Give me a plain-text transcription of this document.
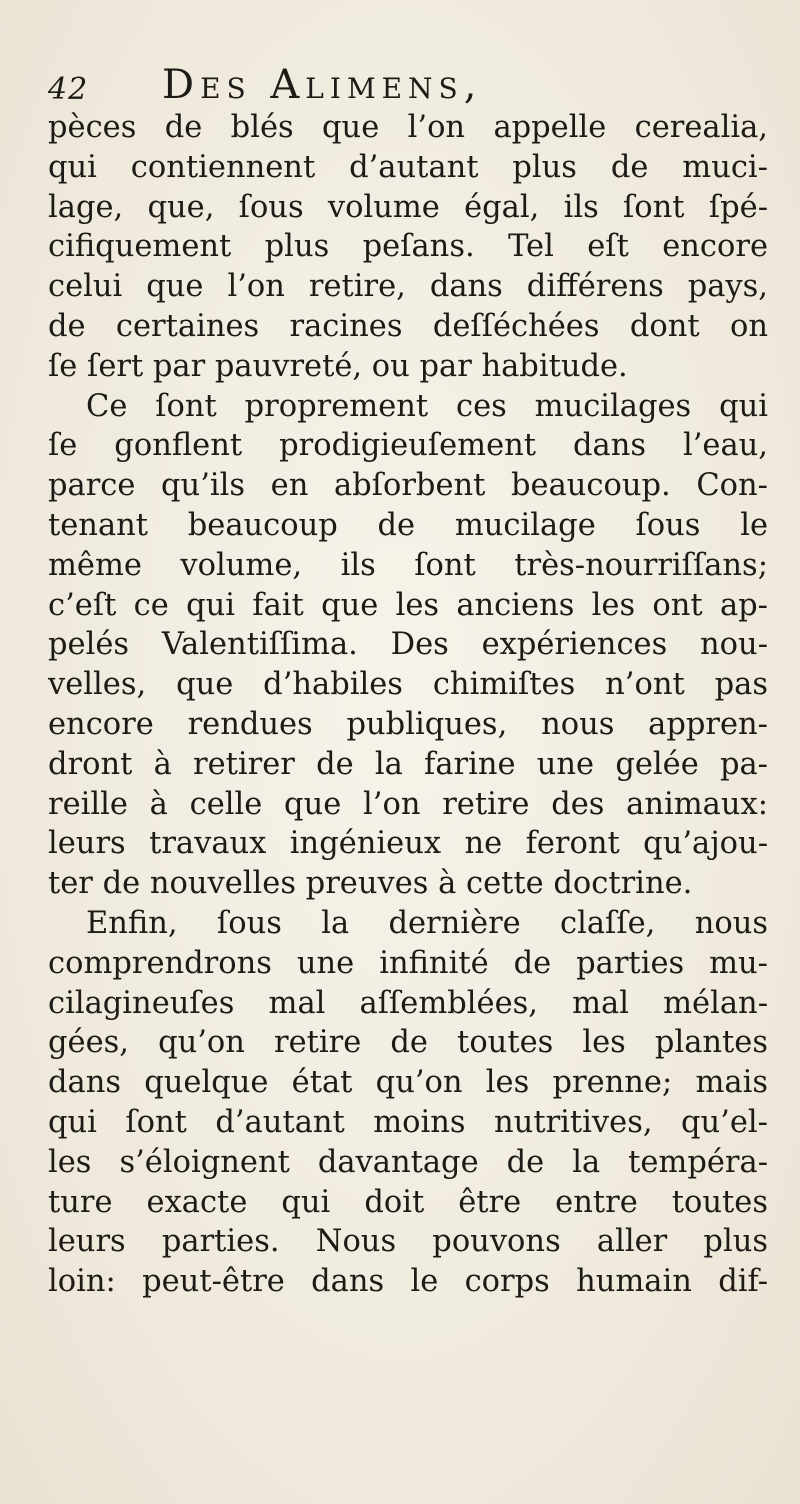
42 Des Alimens,
pèces de blés que l’on appelle cerealia,
qui contiennent d’autant plus de muci-
lage, que, ſous volume égal, ils ſont ſpé-
cifiquement plus peſans. Tel eſt encore
celui que l’on retire, dans différens pays,
de certaines racines deſſéchées dont on
ſe ſert par pauvreté, ou par habitude.
Ce ſont proprement ces mucilages qui
ſe gonflent prodigieuſement dans l’eau,
parce qu’ils en abſorbent beaucoup. Con-
tenant beaucoup de mucilage ſous le
même volume, ils ſont très-nourriſſans;
c’eſt ce qui fait que les anciens les ont ap-
pelés Valentiſſima. Des expériences nou-
velles, que d’habiles chimiſtes n’ont pas
encore rendues publiques, nous appren-
dront à retirer de la farine une gelée pa-
reille à celle que l’on retire des animaux:
leurs travaux ingénieux ne feront qu’ajou-
ter de nouvelles preuves à cette doctrine.
Enfin, ſous la dernière claſſe, nous
comprendrons une infinité de parties mu-
cilagineuſes mal aſſemblées, mal mélan-
gées, qu’on retire de toutes les plantes
dans quelque état qu’on les prenne; mais
qui ſont d’autant moins nutritives, qu’el-
les s’éloignent davantage de la tempéra-
ture exacte qui doit être entre toutes
leurs parties. Nous pouvons aller plus
loin: peut-être dans le corps humain dif-
